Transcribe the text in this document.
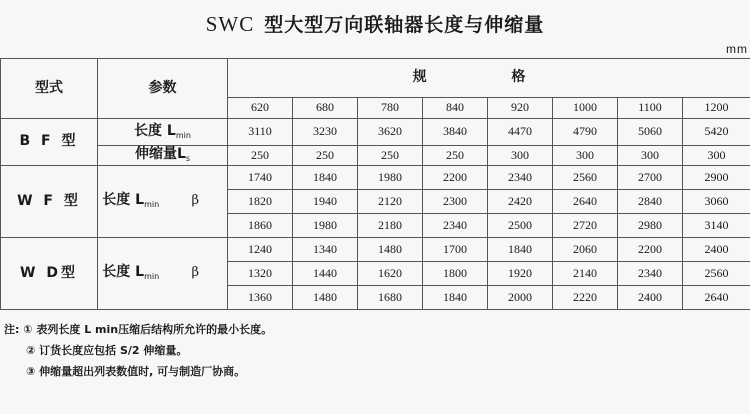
SWC 型大型万向联轴器长度与伸缩量
mm
型式	参数		规 格							
			620	680	780	840	920	1000	1100	1200
B F 型	长度 $L_{min}$		3110	3230	3620	3840	4470	4790	5060	5420
	伸缩量$L_s$		250	250	250	250	300	300	300	300
W F 型	长度 $L_{min}$	β	1740	1840	1980	2200	2340	2560	2700	2900
			1820	1940	2120	2300	2420	2640	2840	3060
			1860	1980	2180	2340	2500	2720	2980	3140
W D型	长度 $L_{min}$	β	1240	1340	1480	1700	1840	2060	2200	2400
			1320	1440	1620	1800	1920	2140	2340	2560
			1360	1480	1680	1840	2000	2220	2400	2640
注: ① 表列长度 L min压缩后结构所允许的最小长度。
② 订货长度应包括 S/2 伸缩量。
③ 伸缩量超出列表数值时, 可与制造厂协商。
